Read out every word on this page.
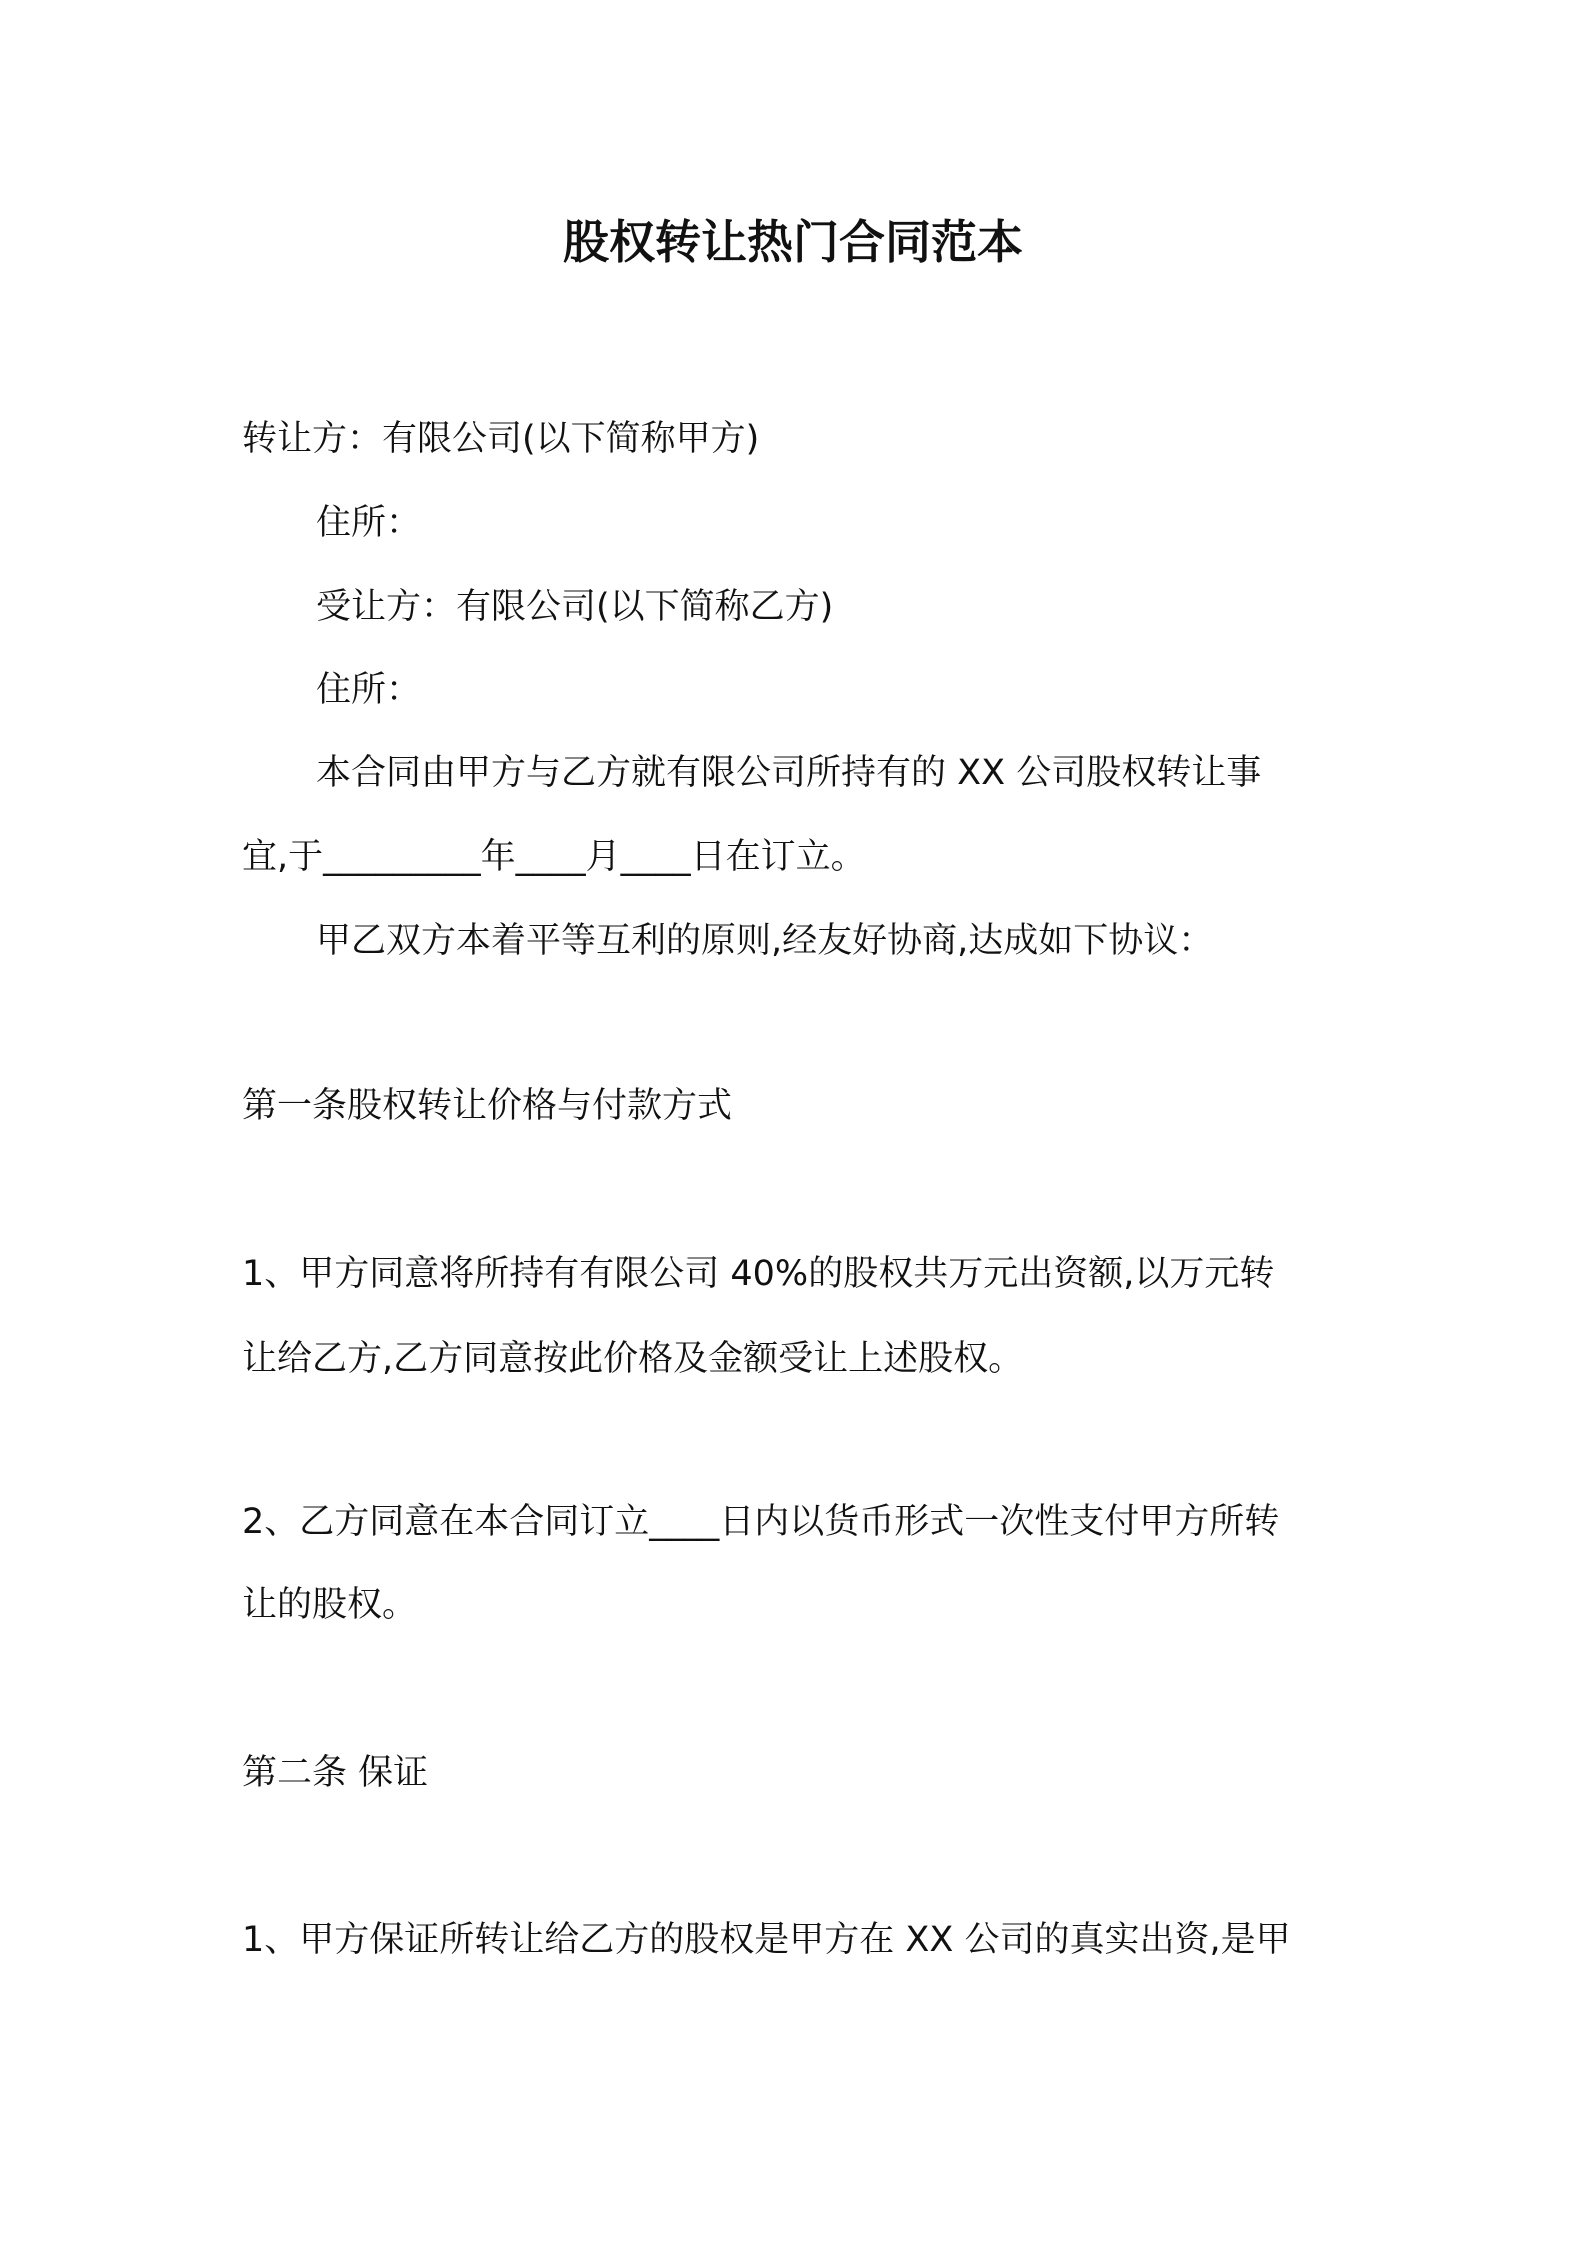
股权转让热门合同范本
转让方：有限公司(以下简称甲方)
住所：
受让方：有限公司(以下简称乙方)
住所：
本合同由甲方与乙方就有限公司所持有的 XX 公司股权转让事
宜,于_________年____月____日在订立。
甲乙双方本着平等互利的原则,经友好协商,达成如下协议：
第一条股权转让价格与付款方式
1、甲方同意将所持有有限公司 40%的股权共万元出资额,以万元转
让给乙方,乙方同意按此价格及金额受让上述股权。
2、乙方同意在本合同订立____日内以货币形式一次性支付甲方所转
让的股权。
第二条 保证
1、甲方保证所转让给乙方的股权是甲方在 XX 公司的真实出资,是甲
